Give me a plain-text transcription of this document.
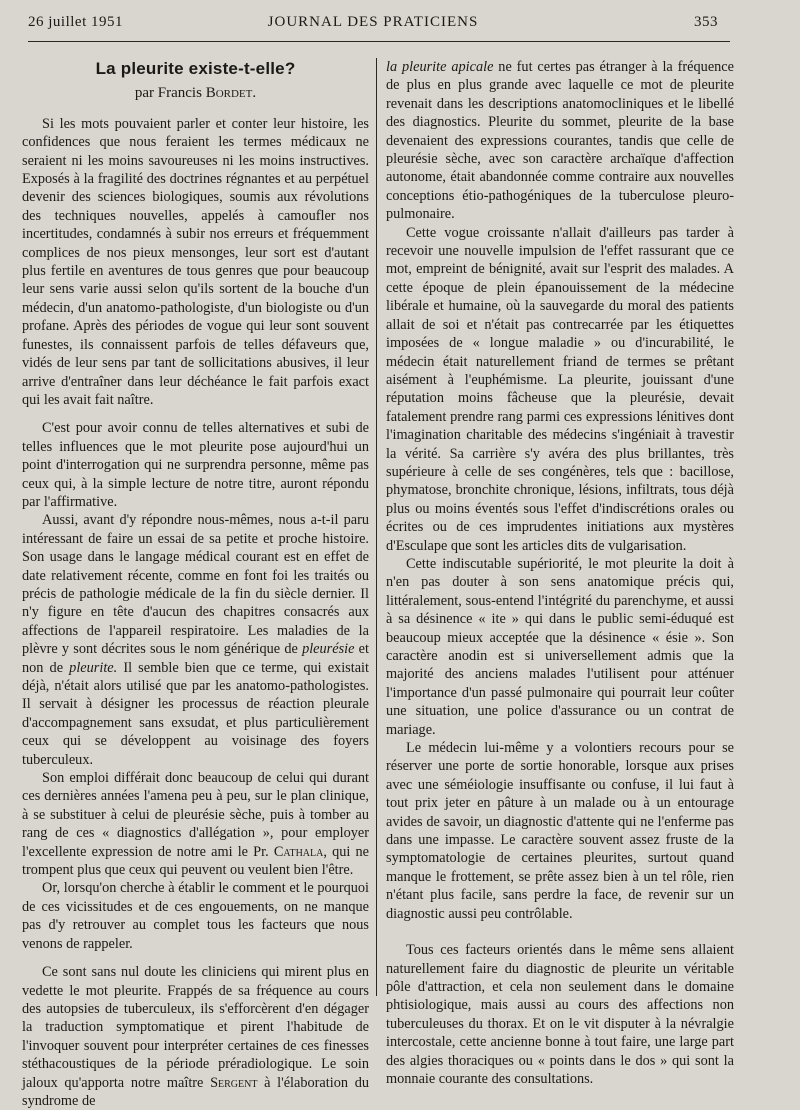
26 juillet 1951	JOURNAL DES PRATICIENS	353
La pleurite existe-t-elle?
par Francis Bordet.

Si les mots pouvaient parler et conter leur histoire, les confidences que nous feraient les termes médicaux ne seraient ni les moins savoureuses ni les moins instructives. Exposés à la fragilité des doctrines régnantes et au perpétuel devenir des sciences biologiques, soumis aux révolutions des techniques nouvelles, appelés à camoufler nos incertitudes, condamnés à subir nos erreurs et fréquemment complices de nos pieux mensonges, leur sort est d'autant plus fertile en aventures de tous genres que pour beaucoup leur sens varie aussi selon qu'ils sortent de la bouche d'un médecin, d'un anatomo-pathologiste, d'un biologiste ou d'un profane. Après des périodes de vogue qui leur sont souvent funestes, ils connaissent parfois de telles défaveurs que, vidés de leur sens par tant de sollicitations abusives, il leur arrive d'entraîner dans leur déchéance le fait parfois exact qui les avait fait naître.

C'est pour avoir connu de telles alternatives et subi de telles influences que le mot pleurite pose aujourd'hui un point d'interrogation qui ne surprendra personne, même pas ceux qui, à la simple lecture de notre titre, auront répondu par l'affirmative.

Aussi, avant d'y répondre nous-mêmes, nous a-t-il paru intéressant de faire un essai de sa petite et proche histoire. Son usage dans le langage médical courant est en effet de date relativement récente, comme en font foi les traités ou précis de pathologie médicale de la fin du siècle dernier. Il n'y figure en tête d'aucun des chapitres consacrés aux affections de l'appareil respiratoire. Les maladies de la plèvre y sont décrites sous le nom générique de pleurésie et non de pleurite. Il semble bien que ce terme, qui existait déjà, n'était alors utilisé que par les anatomo-pathologistes. Il servait à désigner les processus de réaction pleurale d'accompagnement sans exsudat, et plus particulièrement ceux qui se développent au voisinage des foyers tuberculeux.

Son emploi différait donc beaucoup de celui qui durant ces dernières années l'amena peu à peu, sur le plan clinique, à se substituer à celui de pleurésie sèche, puis à tomber au rang de ces « diagnostics d'allégation », pour employer l'excellente expression de notre ami le Pr. Cathala, qui ne trompent plus que ceux qui peuvent ou veulent bien l'être.

Or, lorsqu'on cherche à établir le comment et le pourquoi de ces vicissitudes et de ces engouements, on ne manque pas d'y retrouver au complet tous les facteurs que nous venons de rappeler.

Ce sont sans nul doute les cliniciens qui mirent plus en vedette le mot pleurite. Frappés de sa fréquence au cours des autopsies de tuberculeux, ils s'efforcèrent d'en dégager la traduction symptomatique et pirent l'habitude de l'invoquer souvent pour interpréter certaines de ces finesses stéthacoustiques de la période préradiologique. Le soin jaloux qu'apporta notre maître Sergent à l'élaboration du syndrome de

la pleurite apicale ne fut certes pas étranger à la fréquence de plus en plus grande avec laquelle ce mot de pleurite revenait dans les descriptions anatomocliniques et le libellé des diagnostics. Pleurite du sommet, pleurite de la base devenaient des expressions courantes, tandis que celle de pleurésie sèche, avec son caractère archaïque d'affection autonome, était abandonnée comme contraire aux nouvelles conceptions étio-pathogéniques de la tuberculose pleuro-pulmonaire.

Cette vogue croissante n'allait d'ailleurs pas tarder à recevoir une nouvelle impulsion de l'effet rassurant que ce mot, empreint de bénignité, avait sur l'esprit des malades. A cette époque de plein épanouissement de la médecine libérale et humaine, où la sauvegarde du moral des patients allait de soi et n'était pas contrecarrée par les étiquettes imposées de « longue maladie » ou d'incurabilité, le médecin était naturellement friand de termes se prêtant aisément à l'euphémisme. La pleurite, jouissant d'une réputation moins fâcheuse que la pleurésie, devait fatalement prendre rang parmi ces expressions lénitives dont l'imagination charitable des médecins s'ingéniait à travestir la vérité. Sa carrière s'y avéra des plus brillantes, très supérieure à celle de ses congénères, tels que : bacillose, phymatose, bronchite chronique, lésions, infiltrats, tous déjà plus ou moins éventés sous l'effet d'indiscrétions orales ou écrites ou de ces imprudentes initiations aux mystères d'Esculape que sont les articles dits de vulgarisation.

Cette indiscutable supériorité, le mot pleurite la doit à n'en pas douter à son sens anatomique précis qui, littéralement, sous-entend l'intégrité du parenchyme, et aussi à sa désinence « ite » qui dans le public semi-éduqué est beaucoup mieux acceptée que la désinence « ésie ». Son caractère anodin est si universellement admis que la majorité des anciens malades l'utilisent pour atténuer l'importance d'un passé pulmonaire qui pourrait leur coûter une situation, une police d'assurance ou un contrat de mariage.

Le médecin lui-même y a volontiers recours pour se réserver une porte de sortie honorable, lorsque aux prises avec une séméiologie insuffisante ou confuse, il lui faut à tout prix jeter en pâture à un malade ou à un entourage avides de savoir, un diagnostic d'attente qui ne l'enferme pas dans une impasse. Le caractère souvent assez fruste de la symptomatologie de certaines pleurites, surtout quand manque le frottement, se prête assez bien à un tel rôle, rien n'étant plus facile, sans perdre la face, de revenir sur un diagnostic aussi peu contrôlable.

Tous ces facteurs orientés dans le même sens allaient naturellement faire du diagnostic de pleurite un véritable pôle d'attraction, et cela non seulement dans le domaine phtisiologique, mais aussi au cours des affections non tuberculeuses du thorax. Et on le vit disputer à la névralgie intercostale, cette ancienne bonne à tout faire, une large part des algies thoraciques ou « points dans le dos » qui sont la monnaie courante des consultations.
